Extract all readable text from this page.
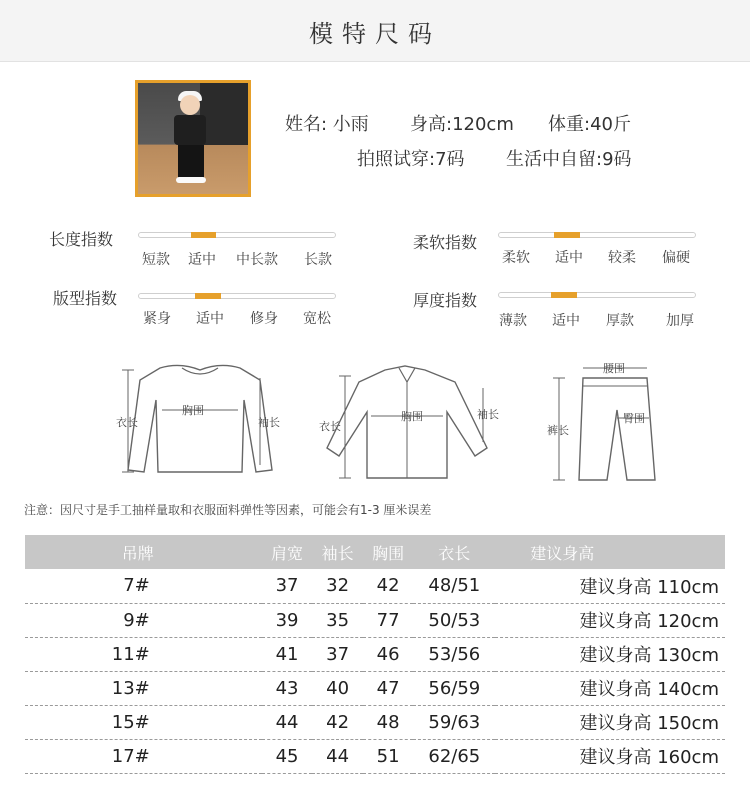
模特尺码
姓名: 小雨 身高:120cm 体重:40斤
拍照试穿:7码 生活中自留:9码
长度指数
短款 适中 中长款 长款
柔软指数
柔软 适中 较柔 偏硬
版型指数
紧身 适中 修身 宽松
厚度指数
薄款 适中 厚款 加厚
衣长
胸围
袖长	衣长
胸围	袖长
腰围
臀围
裤长
注意：因尺寸是手工抽样量取和衣服面料弹性等因素，可能会有1-3 厘米误差
吊牌	肩宽	袖长	胸围	衣长	建议身高
7#	37	32	42	48/51	建议身高 110cm
9#	39	35	77	50/53	建议身高 120cm
11#	41	37	46	53/56	建议身高 130cm
13#	43	40	47	56/59	建议身高 140cm
15#	44	42	48	59/63	建议身高 150cm
17#	45	44	51	62/65	建议身高 160cm
